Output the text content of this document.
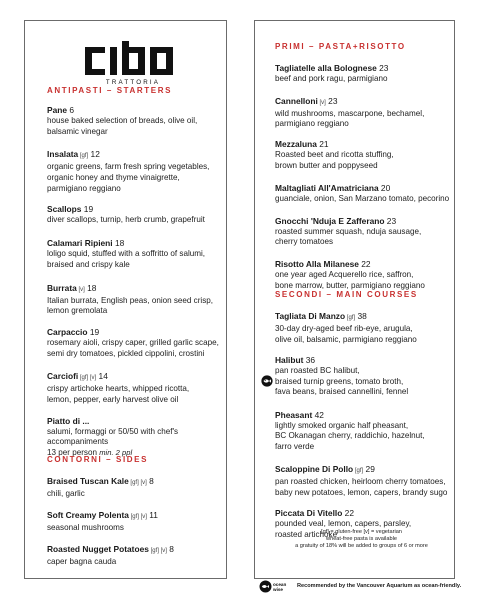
TRATTORIA
ANTIPASTI – STARTERS
Pane 6
house baked selection of breads, olive oil,
balsamic vinegar
Insalata [gf] 12
organic greens, farm fresh spring vegetables,
organic honey and thyme vinaigrette,
parmigiano reggiano
Scallops 19
diver scallops, turnip, herb crumb, grapefruit
Calamari Ripieni 18
loligo squid, stuffed with a soffritto of salumi,
braised and crispy kale
Burrata [v] 18
Italian burrata, English peas, onion seed crisp,
lemon gremolata
Carpaccio 19
rosemary aioli, crispy caper, grilled garlic scape,
semi dry tomatoes, pickled cippolini, crostini
Carciofi [gf] [v] 14
crispy artichoke hearts, whipped ricotta,
lemon, pepper, early harvest olive oil
Piatto di ...
salumi, formaggi or 50/50 with chef's
accompaniments
13 per person min. 2 ppl
CONTORNI – SIDES
Braised Tuscan Kale [gf] [v] 8
chili, garlic
Soft Creamy Polenta [gf] [v] 11
seasonal mushrooms
Roasted Nugget Potatoes [gf] [v] 8
caper bagna cauda
PRIMI – PASTA+RISOTTO
Tagliatelle alla Bolognese 23
beef and pork ragu, parmigiano
Cannelloni [v] 23
wild mushrooms, mascarpone, bechamel,
parmigiano reggiano
Mezzaluna 21
Roasted beet and ricotta stuffing,
brown butter and poppyseed
Maltagliati All'Amatriciana 20
guanciale, onion, San Marzano tomato, pecorino
Gnocchi 'Nduja E Zafferano 23
roasted summer squash, nduja sausage,
cherry tomatoes
Risotto Alla Milanese 22
one year aged Acquerello rice, saffron,
bone marrow, butter, parmigiano reggiano
SECONDI – MAIN COURSES
Tagliata Di Manzo [gf] 38
30-day dry-aged beef rib-eye, arugula,
olive oil, balsamic, parmigiano reggiano
Halibut 36
pan roasted BC halibut,
braised turnip greens, tomato broth,
fava beans, braised cannellini, fennel
Pheasant 42
lightly smoked organic half pheasant,
BC Okanagan cherry, raddichio, hazelnut,
farro verde
Scaloppine Di Pollo [gf] 29
pan roasted chicken, heirloom cherry tomatoes,
baby new potatoes, lemon, capers, brandy sugo
Piccata Di Vitello 22
pounded veal, lemon, capers, parsley,
roasted artichoke
[gf] = gluten-free [v] = vegetarian
wheat-free pasta is available
a gratuity of 18% will be added to groups of 6 or more
ocean
wise
Recommended by the Vancouver Aquarium as ocean-friendly.
